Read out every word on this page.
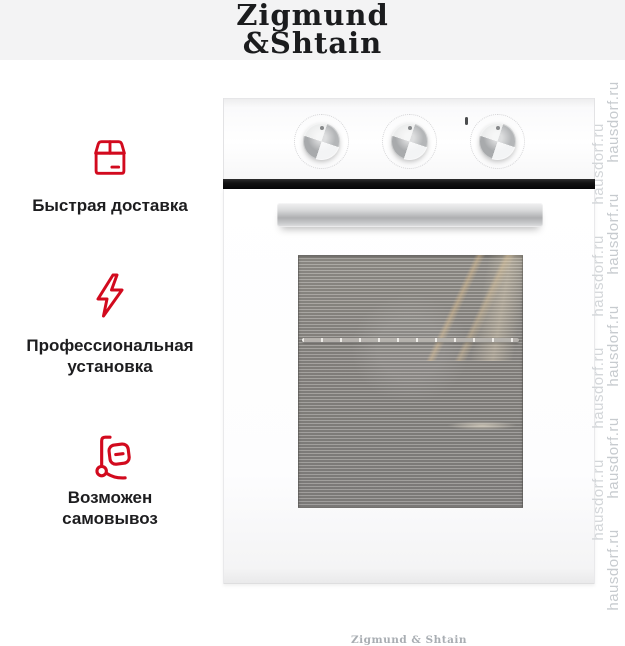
Zigmund
&Shtain
Быстрая доставка
Профессиональная
установка
Возможен
самовывоз
Zigmund & Shtain
hausdorf.ru hausdorf.ru hausdorf.ru hausdorf.ru hausdorf.ru
hausdorf.ru hausdorf.ru hausdorf.ru hausdorf.ru
